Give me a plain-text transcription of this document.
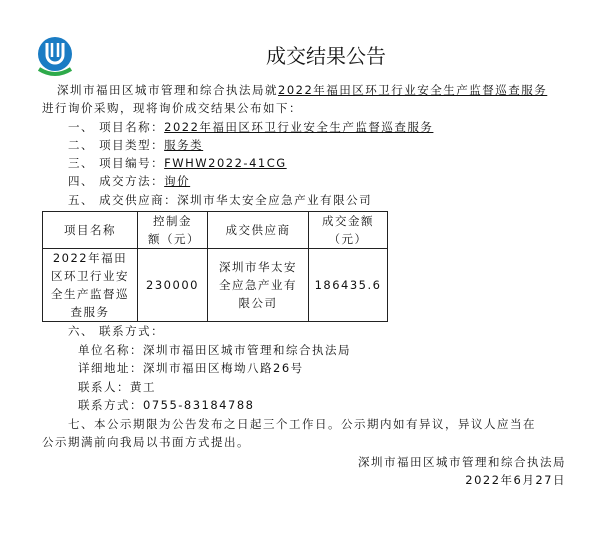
成交结果公告
深圳市福田区城市管理和综合执法局就2022年福田区环卫行业安全生产监督巡查服务
进行询价采购，现将询价成交结果公布如下：
一、 项目名称：2022年福田区环卫行业安全生产监督巡查服务
二、 项目类型：服务类
三、 项目编号：FWHW2022-41CG
四、 成交方法：询价
五、 成交供应商：深圳市华太安全应急产业有限公司
项目名称	控制金额（元）	成交供应商	成交金额（元）
2022年福田区环卫行业安全生产监督巡查服务	230000	深圳市华太安全应急产业有限公司	186435.6
六、 联系方式：
单位名称：深圳市福田区城市管理和综合执法局
详细地址：深圳市福田区梅坳八路26号
联系人：黄工
联系方式：0755-83184788
七、本公示期限为公告发布之日起三个工作日。公示期内如有异议，异议人应当在
公示期满前向我局以书面方式提出。
深圳市福田区城市管理和综合执法局
2022年6月27日
